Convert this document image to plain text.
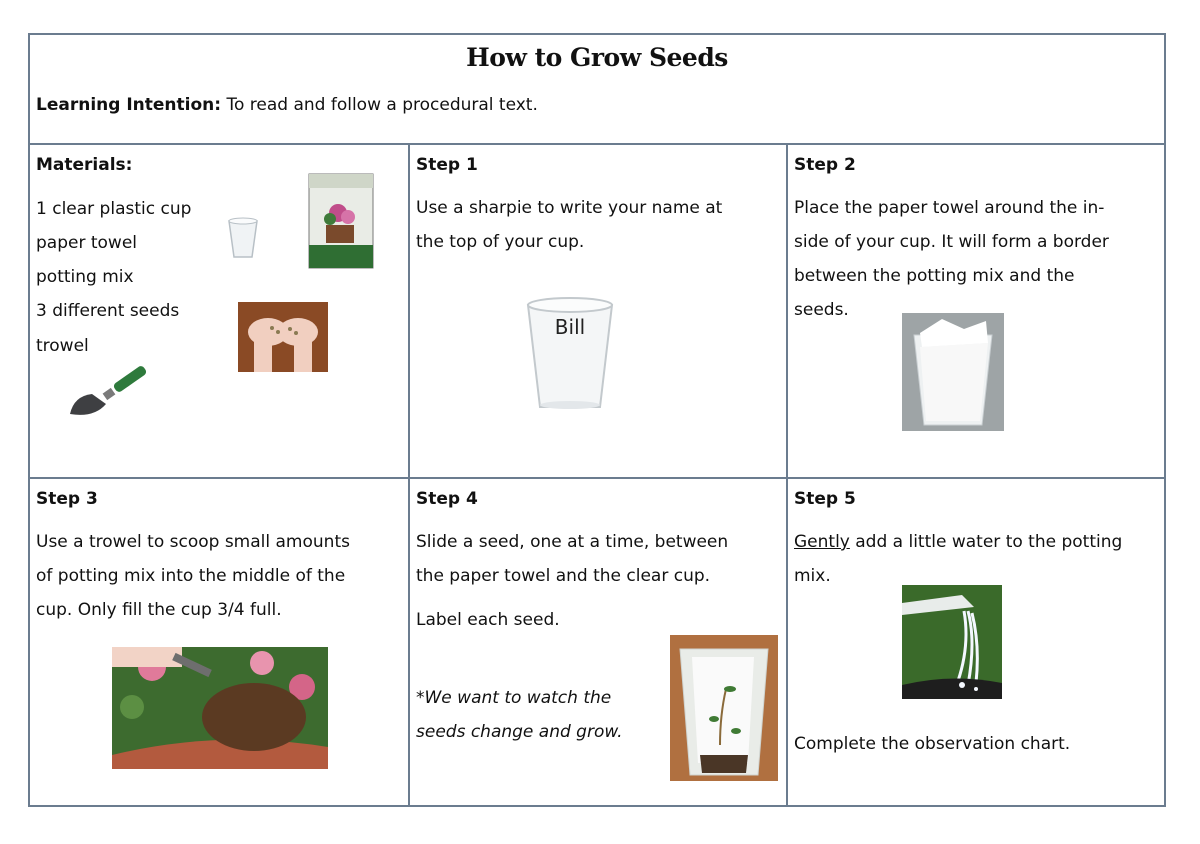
How to Grow Seeds
Learning Intention: To read and follow a procedural text.
Materials:
1 clear plastic cup
paper towel
potting mix
3 different seeds
trowel
Step 1
Use a sharpie to write your name at
the top of your cup.
Bill
Step 2
Place the paper towel around the in-
side of your cup. It will form a border
between the potting mix and the
seeds.
Step 3
Use a trowel to scoop small amounts
of potting mix into the middle of the
cup. Only fill the cup 3/4 full.
Step 4
Slide a seed, one at a time, between
the paper towel and the clear cup.
Label each seed.
*We want to watch the
seeds change and grow.
Step 5
Gently add a little water to the potting
mix.
Complete the observation chart.
